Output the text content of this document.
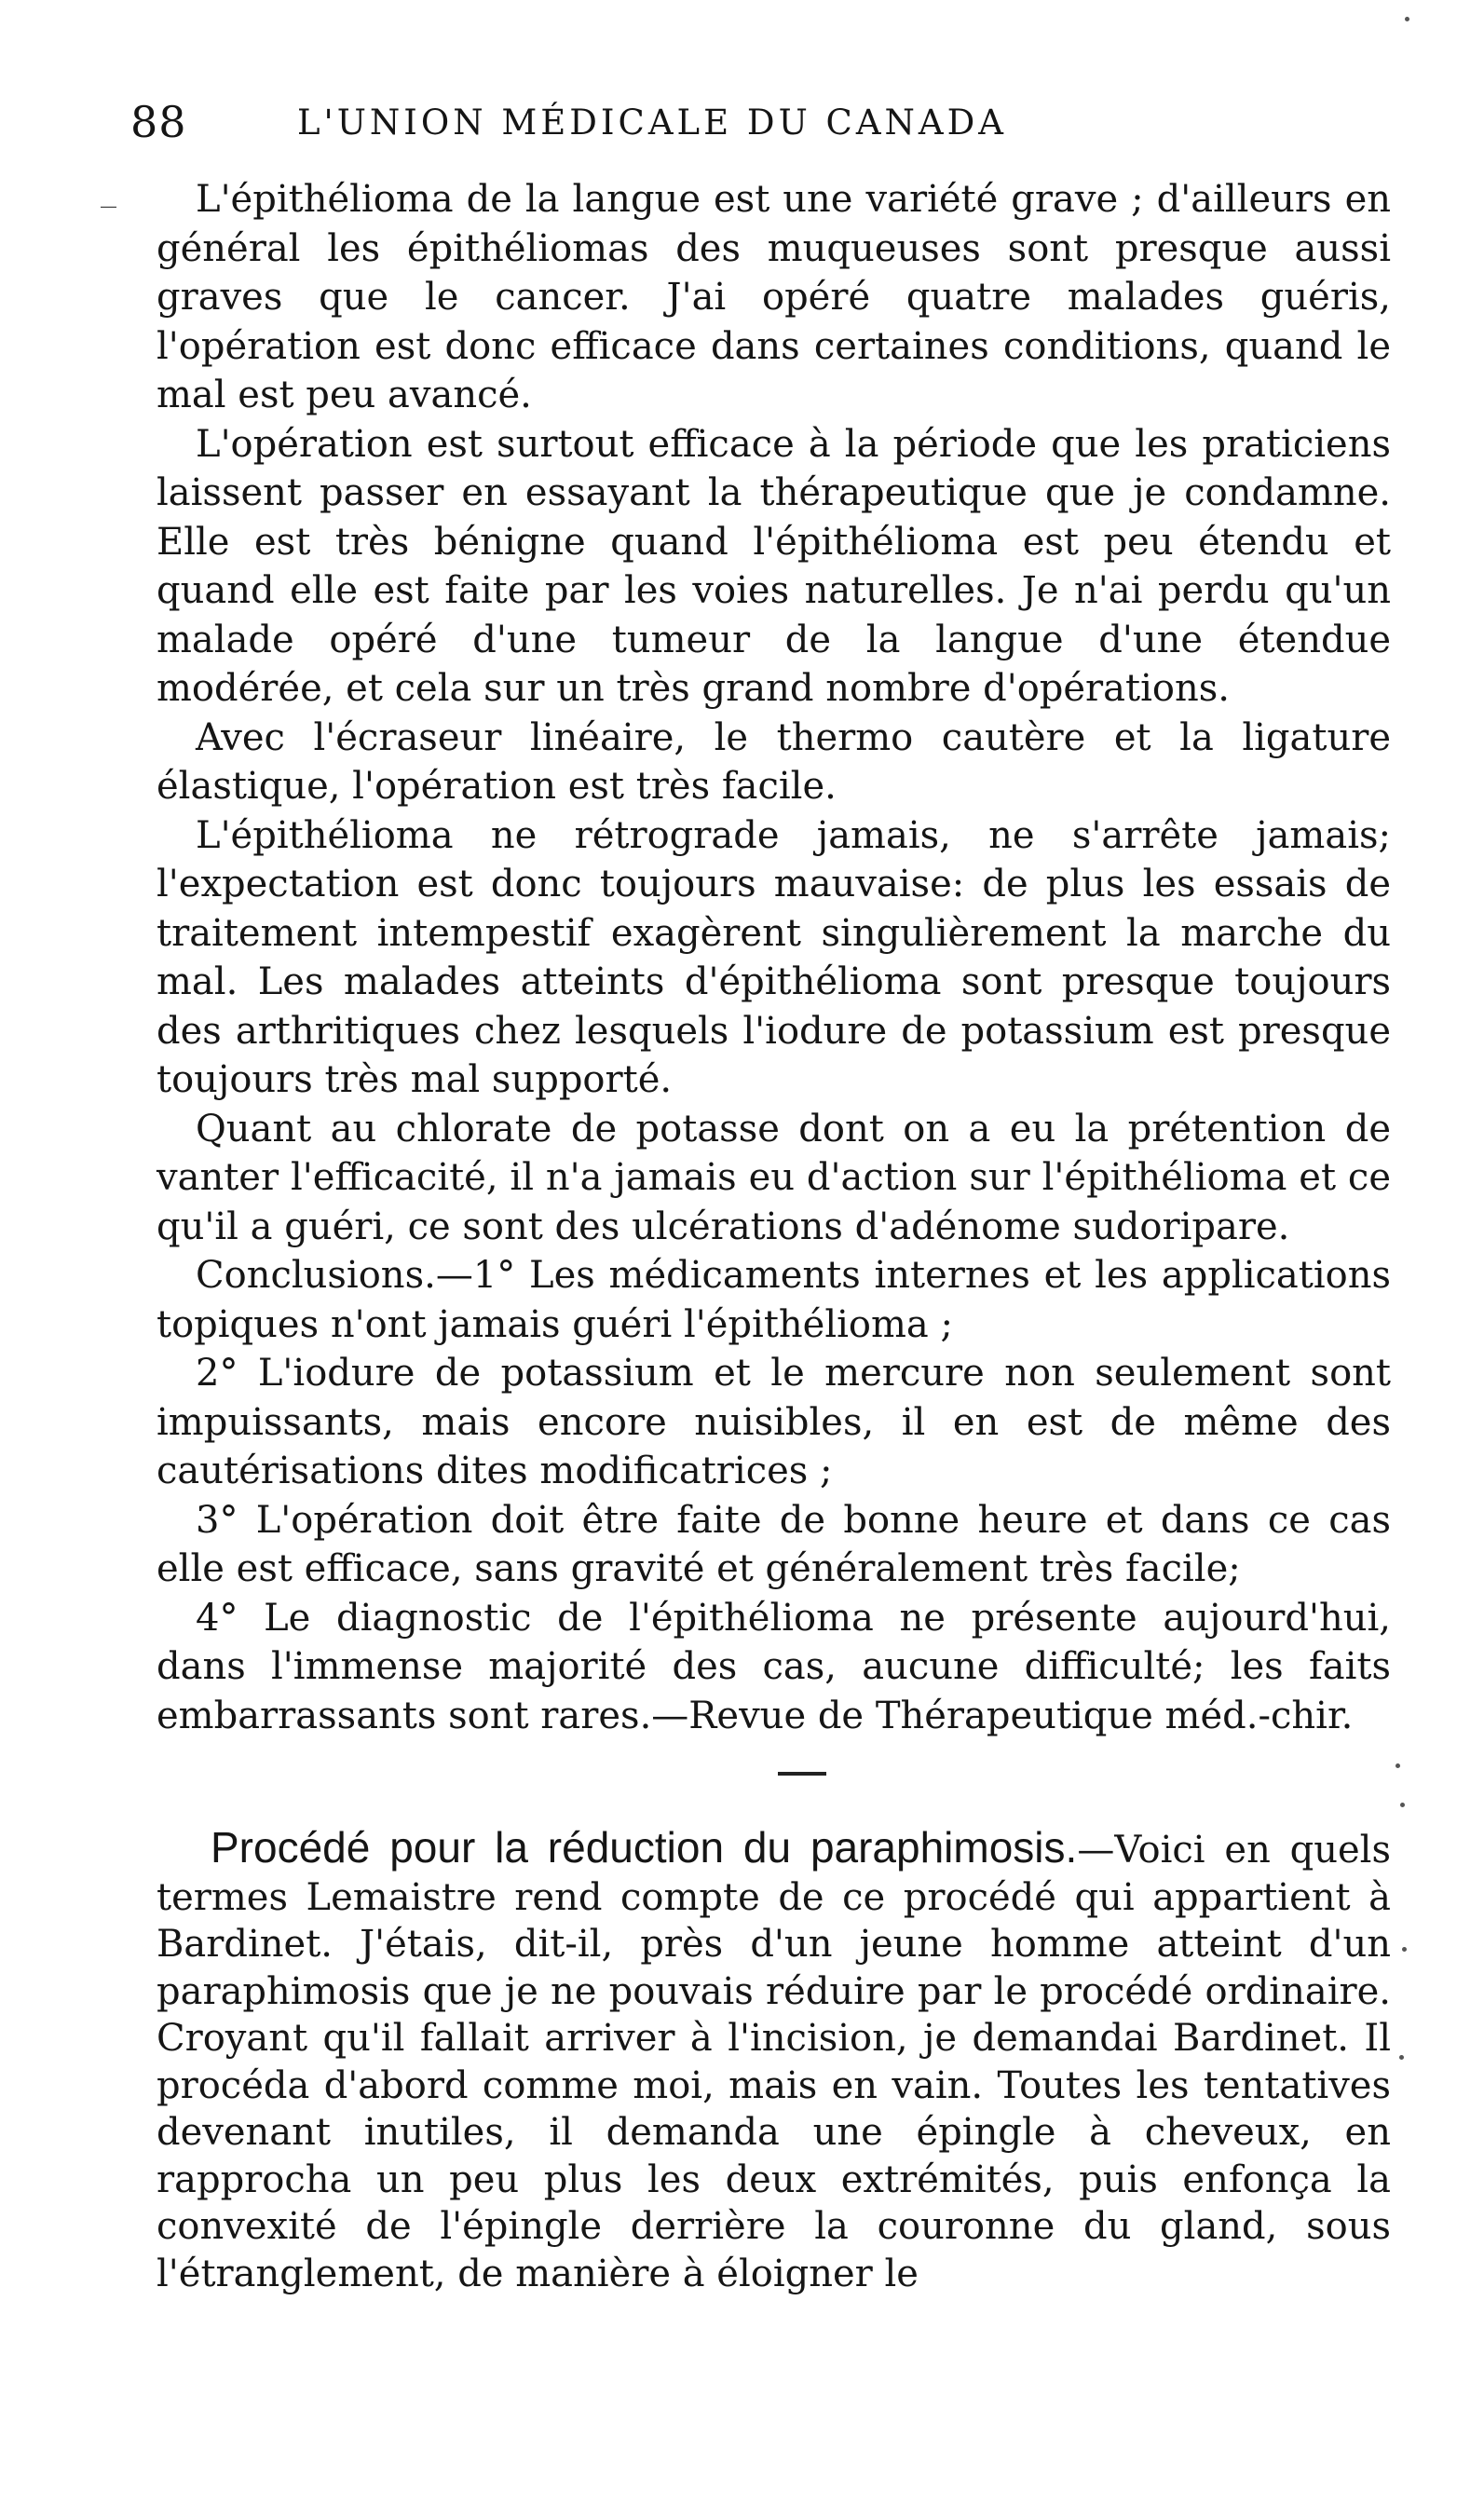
88	L'UNION MÉDICALE DU CANADA
‾	L'épithélioma de la langue est une variété grave ; d'ailleurs en général les épithéliomas des muqueuses sont presque aussi graves que le cancer. J'ai opéré quatre malades guéris, l'opération est donc efficace dans certaines conditions, quand le mal est peu avancé.

L'opération est surtout efficace à la période que les praticiens laissent passer en essayant la thérapeutique que je condamne. Elle est très bénigne quand l'épithélioma est peu étendu et quand elle est faite par les voies naturelles. Je n'ai perdu qu'un malade opéré d'une tumeur de la langue d'une étendue modérée, et cela sur un très grand nombre d'opérations.

Avec l'écraseur linéaire, le thermo cautère et la ligature élastique, l'opération est très facile.

L'épithélioma ne rétrograde jamais, ne s'arrête jamais; l'expectation est donc toujours mauvaise: de plus les essais de traitement intempestif exagèrent singulièrement la marche du mal. Les malades atteints d'épithélioma sont presque toujours des arthritiques chez lesquels l'iodure de potassium est presque toujours très mal supporté.

Quant au chlorate de potasse dont on a eu la prétention de vanter l'efficacité, il n'a jamais eu d'action sur l'épithélioma et ce qu'il a guéri, ce sont des ulcérations d'adénome sudoripare.

Conclusions.—1° Les médicaments internes et les applications topiques n'ont jamais guéri l'épithélioma ;

2° L'iodure de potassium et le mercure non seulement sont impuissants, mais encore nuisibles, il en est de même des cautérisations dites modificatrices ;

3° L'opération doit être faite de bonne heure et dans ce cas elle est efficace, sans gravité et généralement très facile;

4° Le diagnostic de l'épithélioma ne présente aujourd'hui, dans l'immense majorité des cas, aucune difficulté; les faits embarrassants sont rares.—Revue de Thérapeutique méd.-chir.

Procédé pour la réduction du paraphimosis.—Voici en quels termes Lemaistre rend compte de ce procédé qui appartient à Bardinet. J'étais, dit-il, près d'un jeune homme atteint d'un paraphimosis que je ne pouvais réduire par le procédé ordinaire. Croyant qu'il fallait arriver à l'incision, je demandai Bardinet. Il procéda d'abord comme moi, mais en vain. Toutes les tentatives devenant inutiles, il demanda une épingle à cheveux, en rapprocha un peu plus les deux extrémités, puis enfonça la convexité de l'épingle derrière la couronne du gland, sous l'étranglement, de manière à éloigner le
